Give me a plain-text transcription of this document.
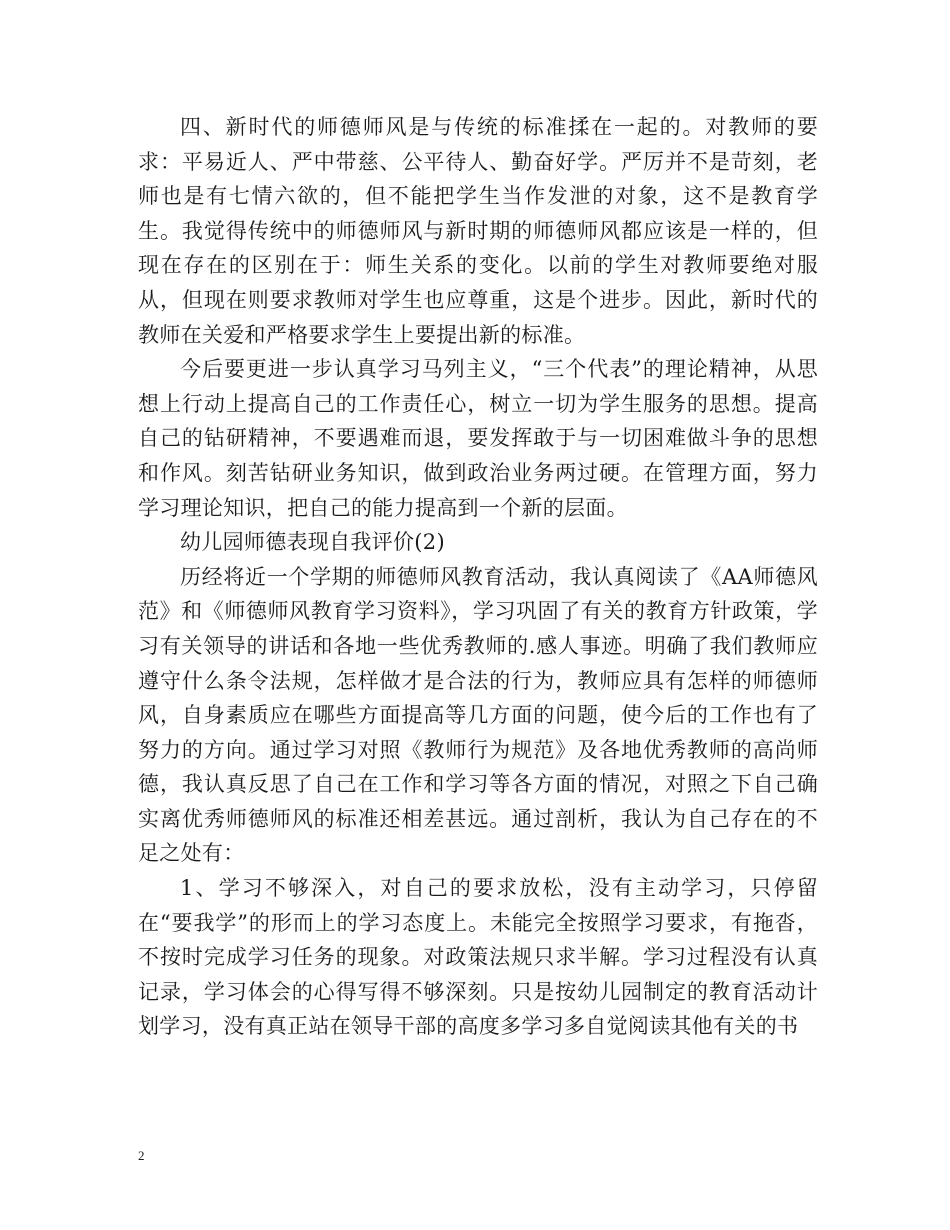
四、新时代的师德师风是与传统的标准揉在一起的。对教师的要求：平易近人、严中带慈、公平待人、勤奋好学。严厉并不是苛刻，老师也是有七情六欲的，但不能把学生当作发泄的对象，这不是教育学生。我觉得传统中的师德师风与新时期的师德师风都应该是一样的，但现在存在的区别在于：师生关系的变化。以前的学生对教师要绝对服从，但现在则要求教师对学生也应尊重，这是个进步。因此，新时代的教师在关爱和严格要求学生上要提出新的标准。

今后要更进一步认真学习马列主义，“三个代表”的理论精神，从思想上行动上提高自己的工作责任心，树立一切为学生服务的思想。提高自己的钻研精神，不要遇难而退，要发挥敢于与一切困难做斗争的思想和作风。刻苦钻研业务知识，做到政治业务两过硬。在管理方面，努力学习理论知识，把自己的能力提高到一个新的层面。

幼儿园师德表现自我评价(2)

历经将近一个学期的师德师风教育活动，我认真阅读了《AA师德风范》和《师德师风教育学习资料》，学习巩固了有关的教育方针政策，学习有关领导的讲话和各地一些优秀教师的.感人事迹。明确了我们教师应遵守什么条令法规，怎样做才是合法的行为，教师应具有怎样的师德师风，自身素质应在哪些方面提高等几方面的问题，使今后的工作也有了努力的方向。通过学习对照《教师行为规范》及各地优秀教师的高尚师德，我认真反思了自己在工作和学习等各方面的情况，对照之下自己确实离优秀师德师风的标准还相差甚远。通过剖析，我认为自己存在的不足之处有：

1、学习不够深入，对自己的要求放松，没有主动学习，只停留在“要我学”的形而上的学习态度上。未能完全按照学习要求，有拖沓，不按时完成学习任务的现象。对政策法规只求半解。学习过程没有认真记录，学习体会的心得写得不够深刻。只是按幼儿园制定的教育活动计划学习，没有真正站在领导干部的高度多学习多自觉阅读其他有关的书

2
